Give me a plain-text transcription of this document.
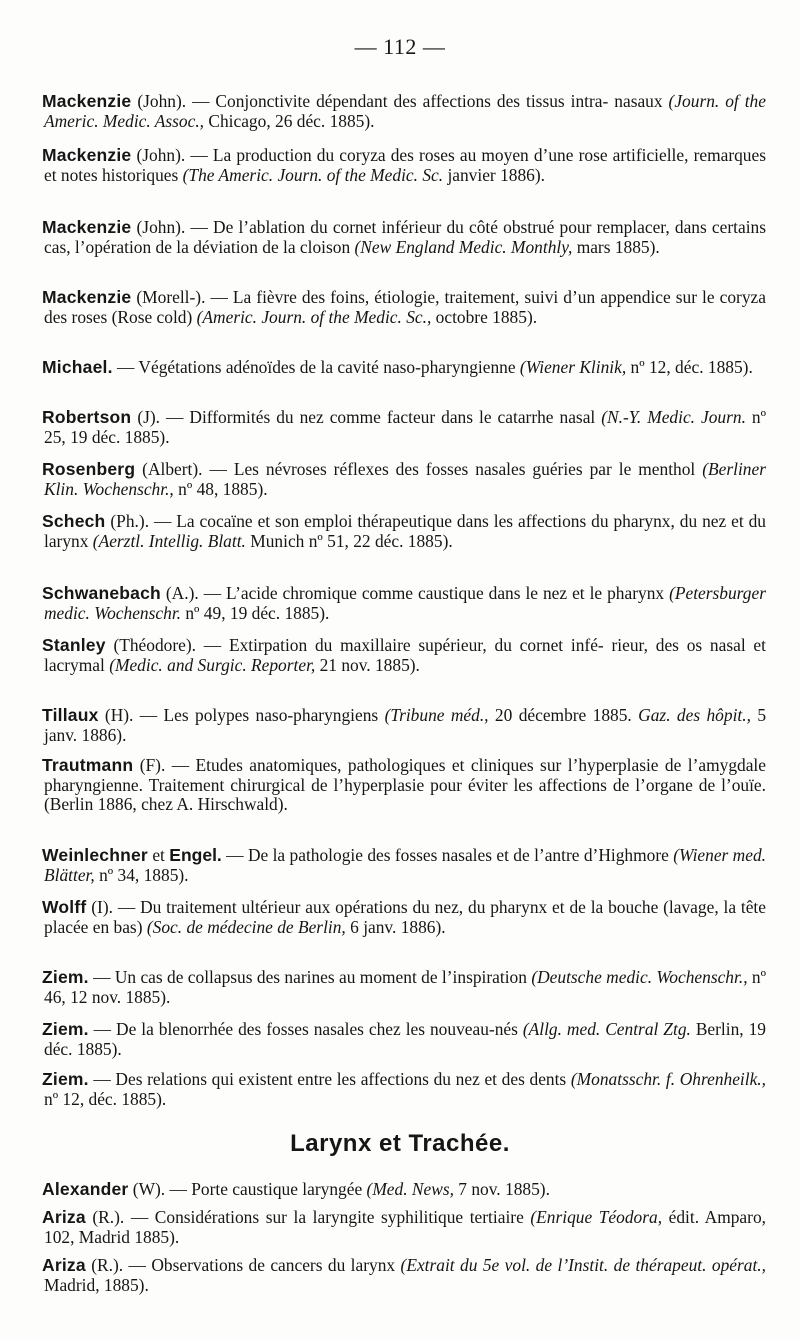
— 112 —
Mackenzie (John). — Conjonctivite dépendant des affections des tissus intra- nasaux (Journ. of the Americ. Medic. Assoc., Chicago, 26 déc. 1885).
Mackenzie (John). — La production du coryza des roses au moyen d’une rose artificielle, remarques et notes historiques (The Americ. Journ. of the Medic. Sc. janvier 1886).
Mackenzie (John). — De l’ablation du cornet inférieur du côté obstrué pour remplacer, dans certains cas, l’opération de la déviation de la cloison (New England Medic. Monthly, mars 1885).
Mackenzie (Morell-). — La fièvre des foins, étiologie, traitement, suivi d’un appendice sur le coryza des roses (Rose cold) (Americ. Journ. of the Medic. Sc., octobre 1885).
Michael. — Végétations adénoïdes de la cavité naso-pharyngienne (Wiener Klinik, nº 12, déc. 1885).
Robertson (J). — Difformités du nez comme facteur dans le catarrhe nasal (N.-Y. Medic. Journ. nº 25, 19 déc. 1885).
Rosenberg (Albert). — Les névroses réflexes des fosses nasales guéries par le menthol (Berliner Klin. Wochenschr., nº 48, 1885).
Schech (Ph.). — La cocaïne et son emploi thérapeutique dans les affections du pharynx, du nez et du larynx (Aerztl. Intellig. Blatt. Munich nº 51, 22 déc. 1885).
Schwanebach (A.). — L’acide chromique comme caustique dans le nez et le pharynx (Petersburger medic. Wochenschr. nº 49, 19 déc. 1885).
Stanley (Théodore). — Extirpation du maxillaire supérieur, du cornet infé- rieur, des os nasal et lacrymal (Medic. and Surgic. Reporter, 21 nov. 1885).
Tillaux (H). — Les polypes naso-pharyngiens (Tribune méd., 20 décembre 1885. Gaz. des hôpit., 5 janv. 1886).
Trautmann (F). — Etudes anatomiques, pathologiques et cliniques sur l’hyperplasie de l’amygdale pharyngienne. Traitement chirurgical de l’hyperplasie pour éviter les affections de l’organe de l’ouïe. (Berlin 1886, chez A. Hirschwald).
Weinlechner et Engel. — De la pathologie des fosses nasales et de l’antre d’Highmore (Wiener med. Blätter, nº 34, 1885).
Wolff (I). — Du traitement ultérieur aux opérations du nez, du pharynx et de la bouche (lavage, la tête placée en bas) (Soc. de médecine de Berlin, 6 janv. 1886).
Ziem. — Un cas de collapsus des narines au moment de l’inspiration (Deutsche medic. Wochenschr., nº 46, 12 nov. 1885).
Ziem. — De la blenorrhée des fosses nasales chez les nouveau-nés (Allg. med. Central Ztg. Berlin, 19 déc. 1885).
Ziem. — Des relations qui existent entre les affections du nez et des dents (Monatsschr. f. Ohrenheilk., nº 12, déc. 1885).
Larynx et Trachée.
Alexander (W). — Porte caustique laryngée (Med. News, 7 nov. 1885).
Ariza (R.). — Considérations sur la laryngite syphilitique tertiaire (Enrique Téodora, édit. Amparo, 102, Madrid 1885).
Ariza (R.). — Observations de cancers du larynx (Extrait du 5e vol. de l’Instit. de thérapeut. opérat., Madrid, 1885).
